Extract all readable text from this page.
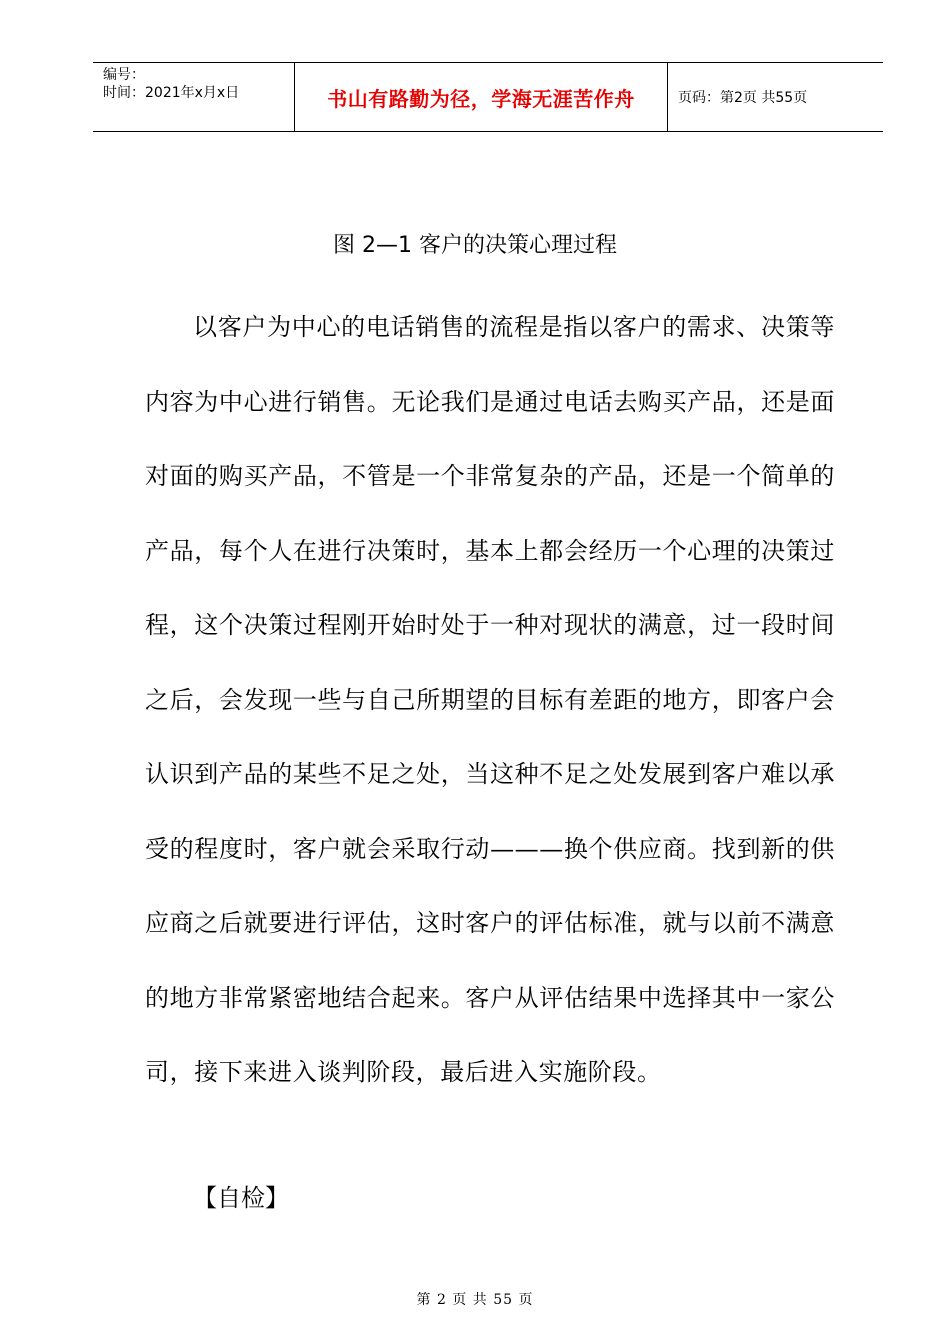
编号：
时间：2021年x月x日	书山有路勤为径，学海无涯苦作舟	页码：第2页 共55页
图 2—1 客户的决策心理过程

以客户为中心的电话销售的流程是指以客户的需求、决策等内容为中心进行销售。无论我们是通过电话去购买产品，还是面对面的购买产品，不管是一个非常复杂的产品，还是一个简单的产品，每个人在进行决策时，基本上都会经历一个心理的决策过程，这个决策过程刚开始时处于一种对现状的满意，过一段时间之后，会发现一些与自己所期望的目标有差距的地方，即客户会认识到产品的某些不足之处，当这种不足之处发展到客户难以承受的程度时，客户就会采取行动———换个供应商。找到新的供应商之后就要进行评估，这时客户的评估标准，就与以前不满意的地方非常紧密地结合起来。客户从评估结果中选择其中一家公司，接下来进入谈判阶段，最后进入实施阶段。

【自检】
第 2 页 共 55 页
